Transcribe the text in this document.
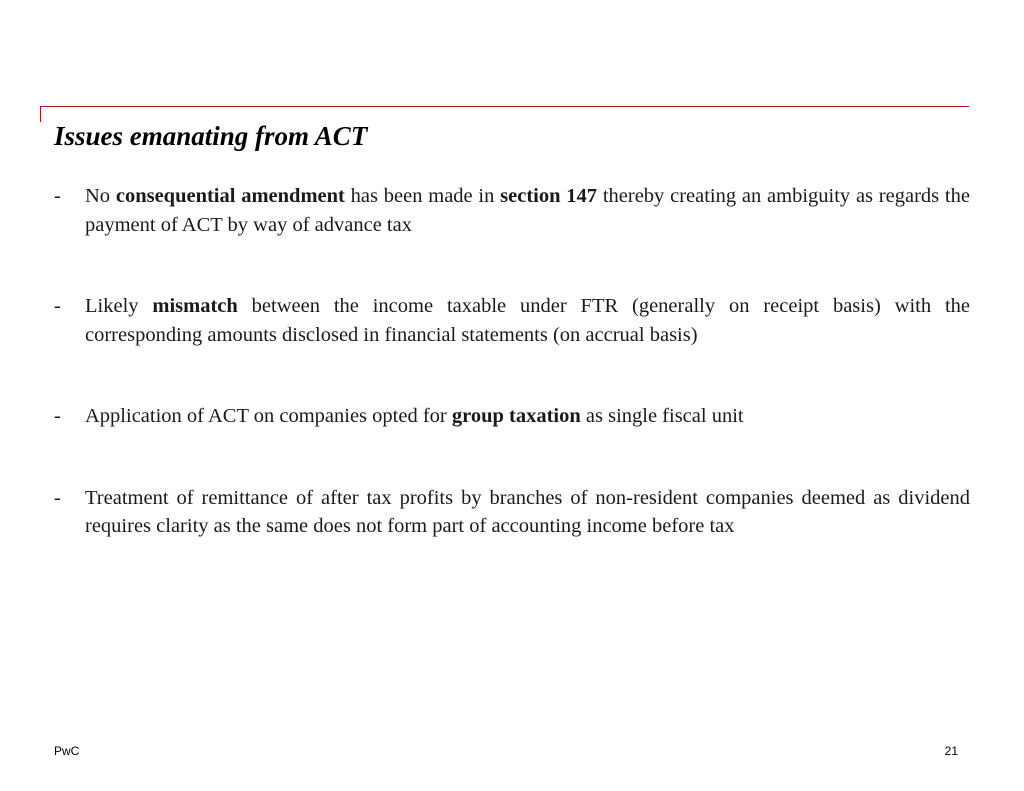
Issues emanating from ACT
- No consequential amendment has been made in section 147 thereby creating an ambiguity as regards the payment of ACT by way of advance tax
- Likely mismatch between the income taxable under FTR (generally on receipt basis) with the corresponding amounts disclosed in financial statements (on accrual basis)
- Application of ACT on companies opted for group taxation as single fiscal unit
- Treatment of remittance of after tax profits by branches of non-resident companies deemed as dividend requires clarity as the same does not form part of accounting income before tax
PwC	21
